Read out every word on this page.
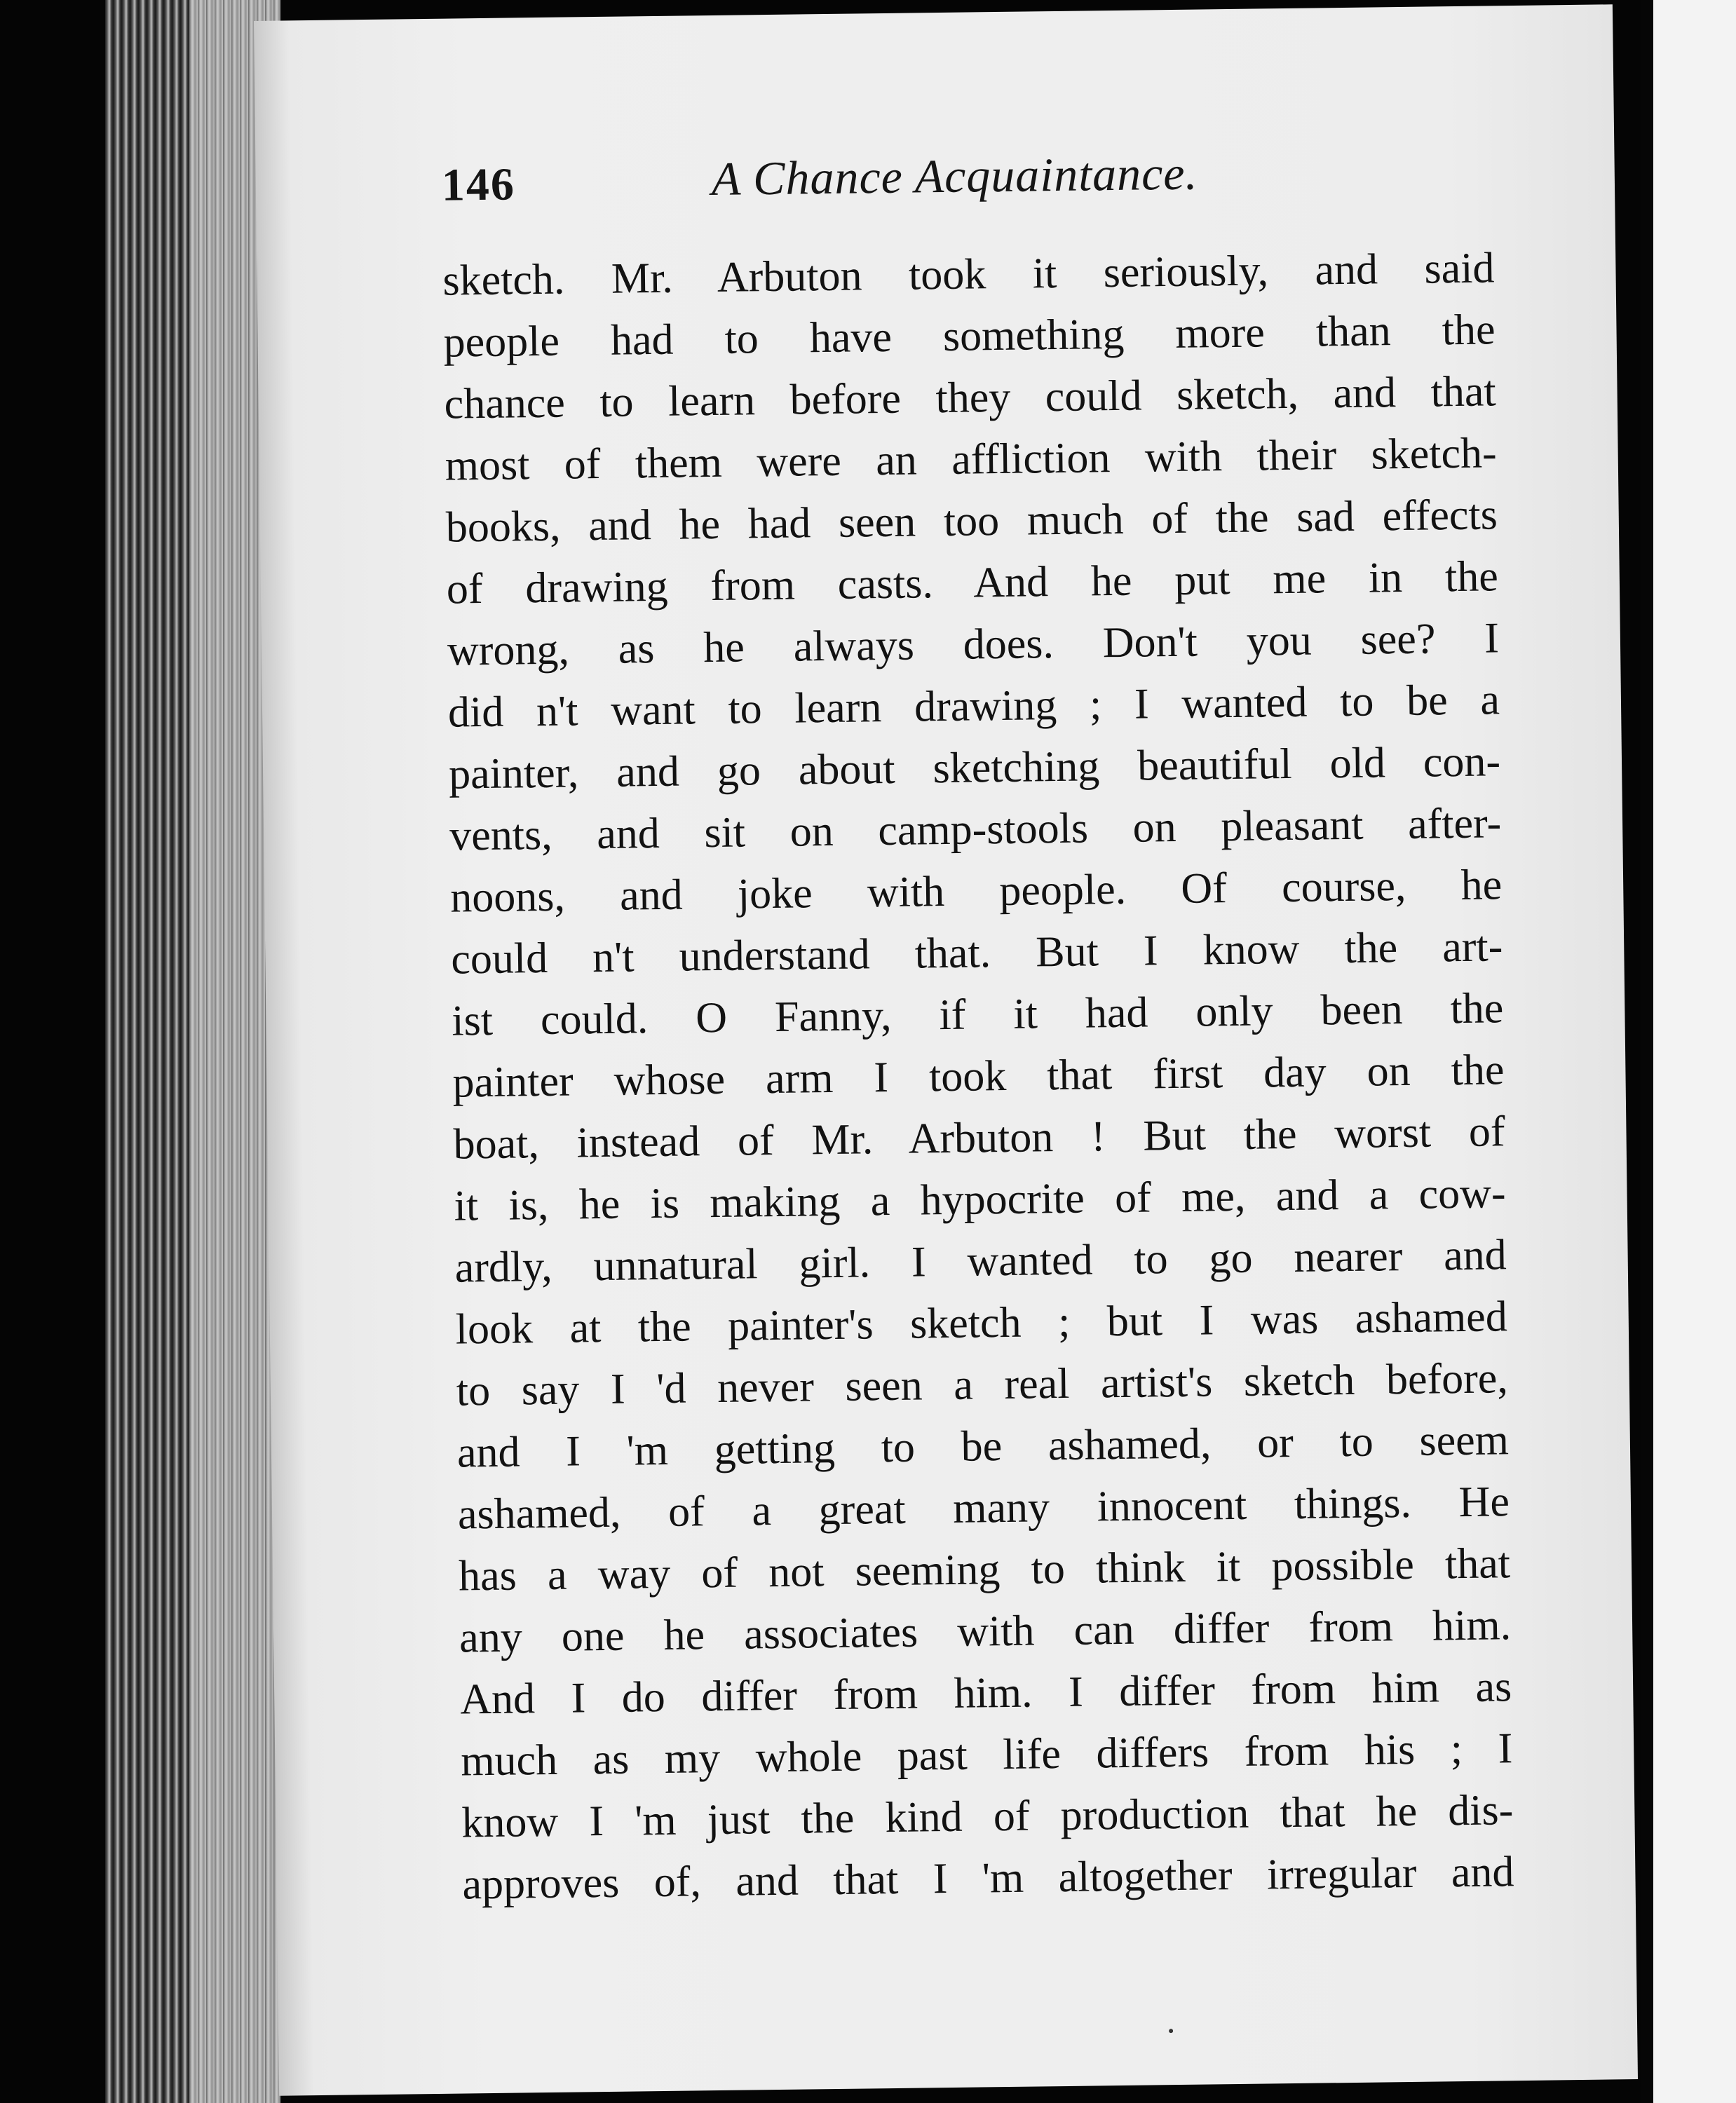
146	A Chance Acquaintance.
sketch. Mr. Arbuton took it seriously, and said
people had to have something more than the
chance to learn before they could sketch, and that
most of them were an affliction with their sketch-
books, and he had seen too much of the sad effects
of drawing from casts. And he put me in the
wrong, as he always does. Don't you see? I
did n't want to learn drawing ; I wanted to be a
painter, and go about sketching beautiful old con-
vents, and sit on camp-stools on pleasant after-
noons, and joke with people. Of course, he
could n't understand that. But I know the art-
ist could. O Fanny, if it had only been the
painter whose arm I took that first day on the
boat, instead of Mr. Arbuton ! But the worst of
it is, he is making a hypocrite of me, and a cow-
ardly, unnatural girl. I wanted to go nearer and
look at the painter's sketch ; but I was ashamed
to say I 'd never seen a real artist's sketch before,
and I 'm getting to be ashamed, or to seem
ashamed, of a great many innocent things. He
has a way of not seeming to think it possible that
any one he associates with can differ from him.
And I do differ from him. I differ from him as
much as my whole past life differs from his ; I
know I 'm just the kind of production that he dis-
approves of, and that I 'm altogether irregular and
